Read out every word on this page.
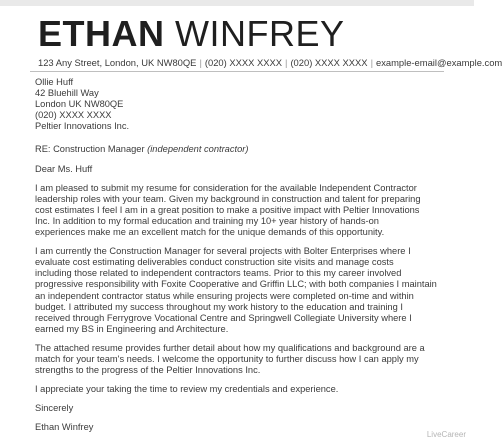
ETHAN WINFREY
123 Any Street, London, UK NW80QE | (020) XXXX XXXX | (020) XXXX XXXX | example-email@example.com
Ollie Huff
42 Bluehill Way
London UK NW80QE
(020) XXXX XXXX
Peltier Innovations Inc.
RE: Construction Manager (independent contractor)
Dear Ms. Huff
I am pleased to submit my resume for consideration for the available Independent Contractor
leadership roles with your team. Given my background in construction and talent for preparing
cost estimates I feel I am in a great position to make a positive impact with Peltier Innovations
Inc. In addition to my formal education and training my 10+ year history of hands-on
experiences make me an excellent match for the unique demands of this opportunity.
I am currently the Construction Manager for several projects with Bolter Enterprises where I
evaluate cost estimating deliverables conduct construction site visits and manage costs
including those related to independent contractors teams. Prior to this my career involved
progressive responsibility with Foxite Cooperative and Griffin LLC; with both companies I maintain
an independent contractor status while ensuring projects were completed on-time and within
budget. I attributed my success throughout my work history to the education and training I
received through Ferrygrove Vocational Centre and Springwell Collegiate University where I
earned my BS in Engineering and Architecture.
The attached resume provides further detail about how my qualifications and background are a
match for your team's needs. I welcome the opportunity to further discuss how I can apply my
strengths to the progress of the Peltier Innovations Inc.
I appreciate your taking the time to review my credentials and experience.
Sincerely
Ethan Winfrey
LiveCareer
